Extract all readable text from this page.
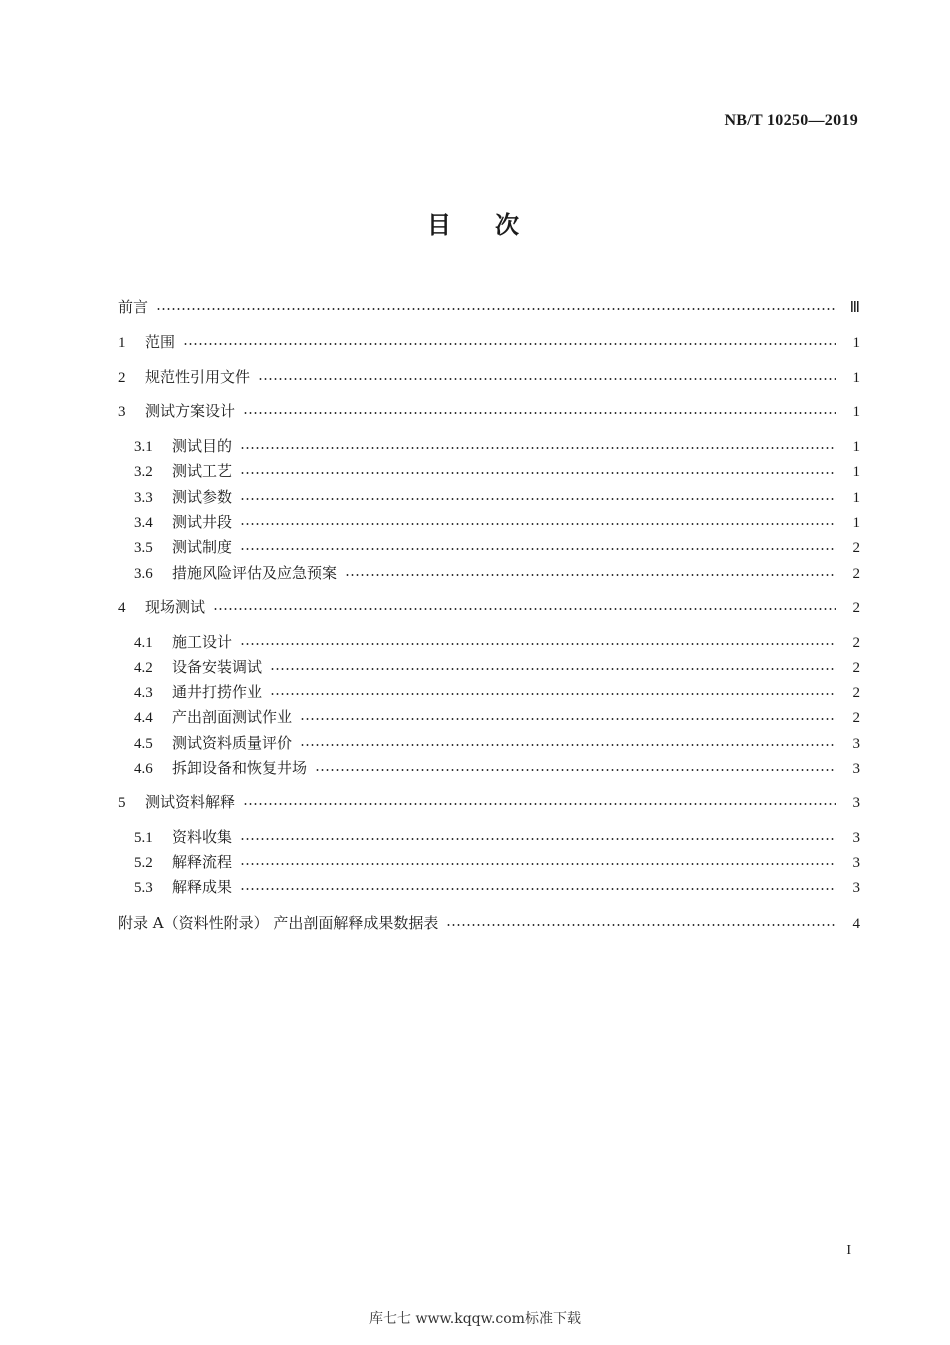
NB/T 10250—2019
目次
前言	Ⅲ
1	范围	1
2	规范性引用文件	1
3	测试方案设计	1
3.1	测试目的	1
3.2	测试工艺	1
3.3	测试参数	1
3.4	测试井段	1
3.5	测试制度	2
3.6	措施风险评估及应急预案	2
4	现场测试	2
4.1	施工设计	2
4.2	设备安装调试	2
4.3	通井打捞作业	2
4.4	产出剖面测试作业	2
4.5	测试资料质量评价	3
4.6	拆卸设备和恢复井场	3
5	测试资料解释	3
5.1	资料收集	3
5.2	解释流程	3
5.3	解释成果	3
附录 A（资料性附录） 产出剖面解释成果数据表	4
I
库七七 www.kqqw.com标准下载
